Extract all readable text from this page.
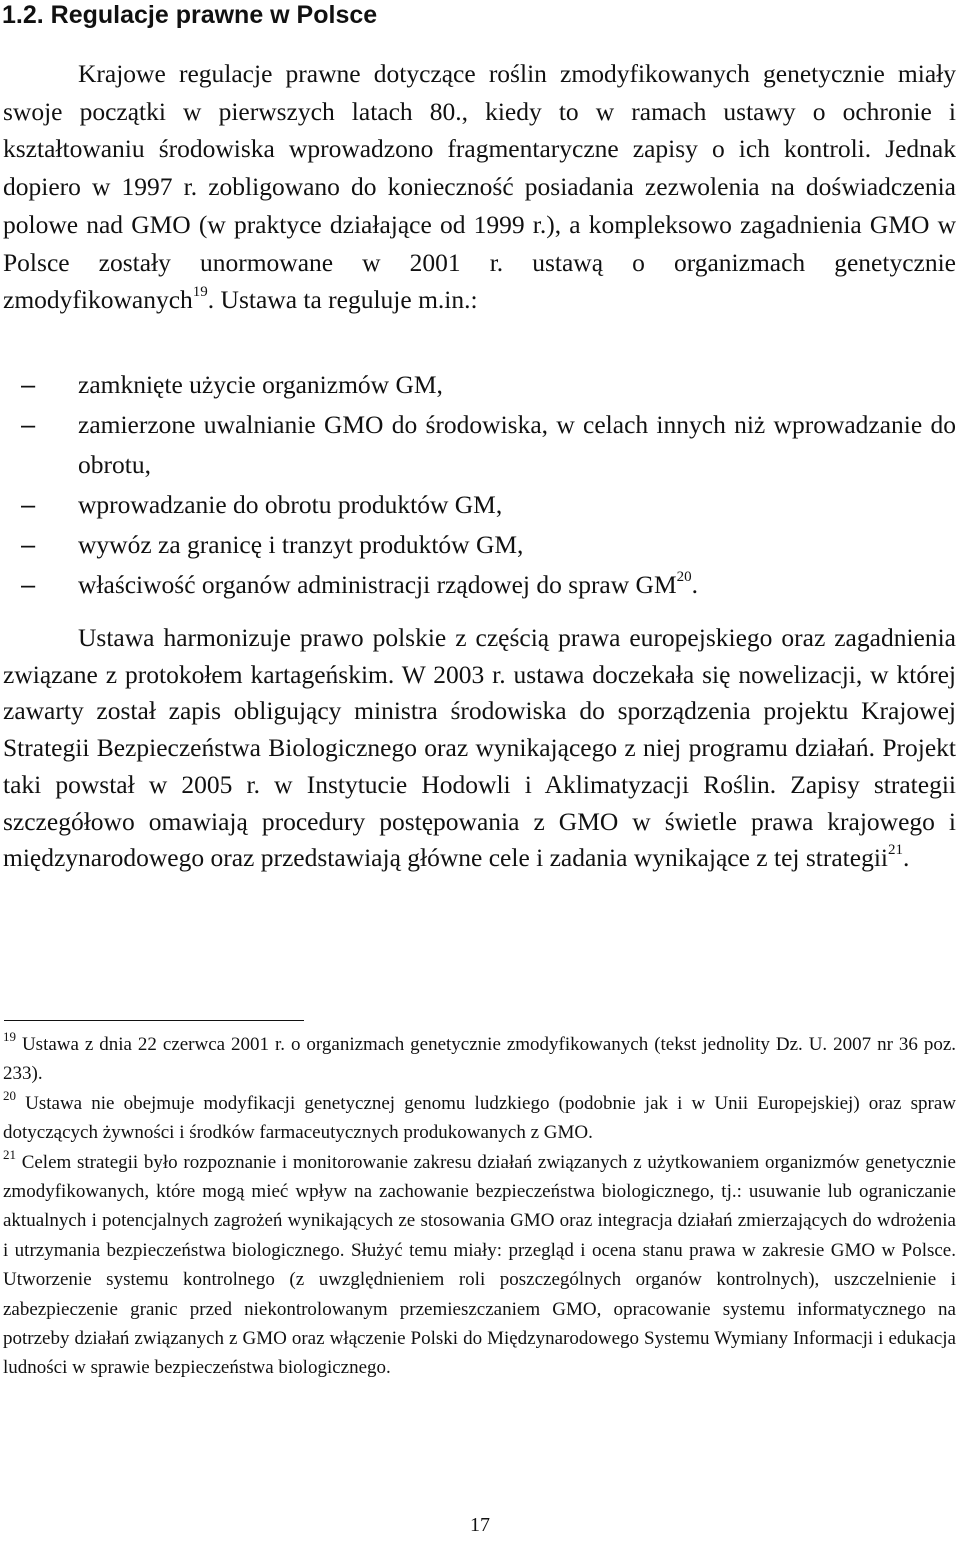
1.2. Regulacje prawne w Polsce

Krajowe regulacje prawne dotyczące roślin zmodyfikowanych genetycznie miały swoje początki w pierwszych latach 80., kiedy to w ramach ustawy o ochronie i kształtowaniu środowiska wprowadzono fragmentaryczne zapisy o ich kontroli. Jednak dopiero w 1997 r. zobligowano do konieczność posiadania zezwolenia na doświadczenia polowe nad GMO (w praktyce działające od 1999 r.), a kompleksowo zagadnienia GMO w Polsce zostały unormowane w 2001 r. ustawą o organizmach genetycznie zmodyfikowanych$^{19}$. Ustawa ta reguluje m.in.:

– zamknięte użycie organizmów GM,
– zamierzone uwalnianie GMO do środowiska, w celach innych niż wprowadzanie do obrotu,
– wprowadzanie do obrotu produktów GM,
– wywóz za granicę i tranzyt produktów GM,
– właściwość organów administracji rządowej do spraw GM$^{20}$.

Ustawa harmonizuje prawo polskie z częścią prawa europejskiego oraz zagadnienia związane z protokołem kartageńskim. W 2003 r. ustawa doczekała się nowelizacji, w której zawarty został zapis obligujący ministra środowiska do sporządzenia projektu Krajowej Strategii Bezpieczeństwa Biologicznego oraz wynikającego z niej programu działań. Projekt taki powstał w 2005 r. w Instytucie Hodowli i Aklimatyzacji Roślin. Zapisy strategii szczegółowo omawiają procedury postępowania z GMO w świetle prawa krajowego i międzynarodowego oraz przedstawiają główne cele i zadania wynikające z tej strategii$^{21}$.

$^{19}$ Ustawa z dnia 22 czerwca 2001 r. o organizmach genetycznie zmodyfikowanych (tekst jednolity Dz. U. 2007 nr 36 poz. 233).

$^{20}$ Ustawa nie obejmuje modyfikacji genetycznej genomu ludzkiego (podobnie jak i w Unii Europejskiej) oraz spraw dotyczących żywności i środków farmaceutycznych produkowanych z GMO.

$^{21}$ Celem strategii było rozpoznanie i monitorowanie zakresu działań związanych z użytkowaniem organizmów genetycznie zmodyfikowanych, które mogą mieć wpływ na zachowanie bezpieczeństwa biologicznego, tj.: usuwanie lub ograniczanie aktualnych i potencjalnych zagrożeń wynikających ze stosowania GMO oraz integracja działań zmierzających do wdrożenia i utrzymania bezpieczeństwa biologicznego. Służyć temu miały: przegląd i ocena stanu prawa w zakresie GMO w Polsce. Utworzenie systemu kontrolnego (z uwzględnieniem roli poszczególnych organów kontrolnych), uszczelnienie i zabezpieczenie granic przed niekontrolowanym przemieszczaniem GMO, opracowanie systemu informatycznego na potrzeby działań związanych z GMO oraz włączenie Polski do Międzynarodowego Systemu Wymiany Informacji i edukacja ludności w sprawie bezpieczeństwa biologicznego.

17
